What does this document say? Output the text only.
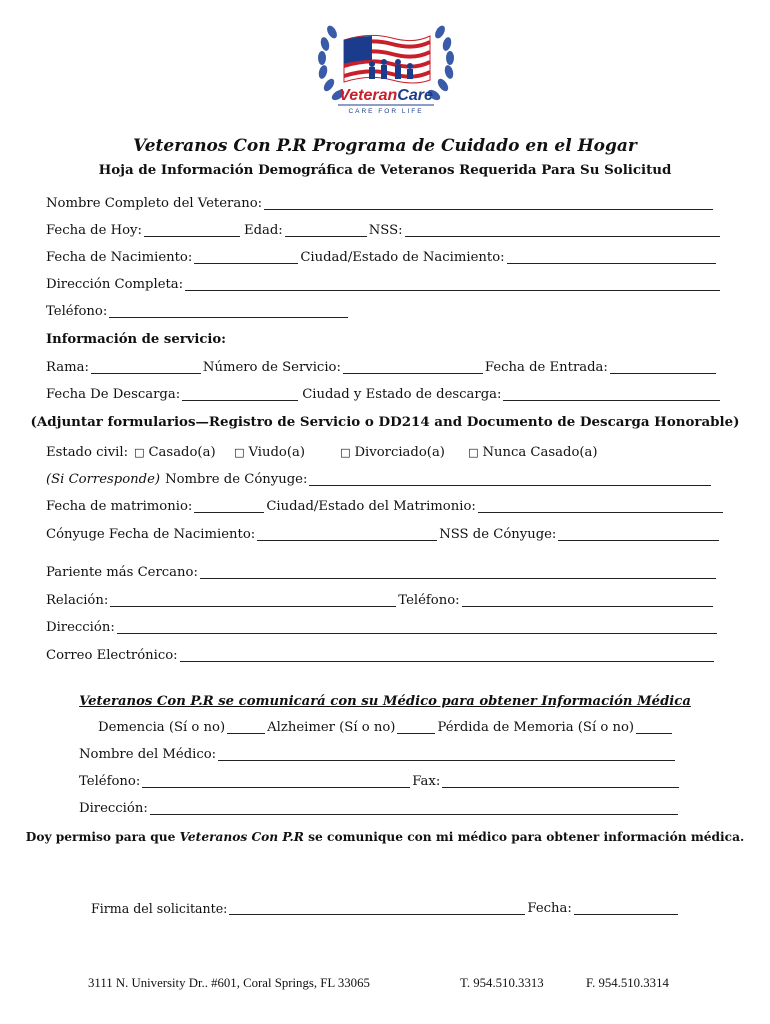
VeteranCare
CARE FOR LIFE
Veteranos Con P.R Programa de Cuidado en el Hogar
Hoja de Información Demográfica de Veteranos Requerida Para Su Solicitud
Nombre Completo del Veterano:
Fecha de Hoy:	Edad:	NSS:
Fecha de Nacimiento:	Ciudad/Estado de Nacimiento:
Dirección Completa:
Teléfono:
Información de servicio:
Rama:	Número de Servicio:	Fecha de Entrada:
Fecha De Descarga:	Ciudad y Estado de descarga:
(Adjuntar formularios—Registro de Servicio o DD214 and Documento de Descarga Honorable)
Estado civil: □ Casado(a)	□ Viudo(a)	□ Divorciado(a)	□ Nunca Casado(a)
(Si Corresponde) Nombre de Cónyuge:
Fecha de matrimonio:	Ciudad/Estado del Matrimonio:
Cónyuge Fecha de Nacimiento:	NSS de Cónyuge:
Pariente más Cercano:
Relación:	Teléfono:
Dirección:
Correo Electrónico:
Veteranos Con P.R se comunicará con su Médico para obtener Información Médica
Demencia (Sí o no)	Alzheimer (Sí o no)	Pérdida de Memoria (Sí o no)
Nombre del Médico:
Teléfono:	Fax:
Dirección:
Doy permiso para que Veteranos Con P.R se comunique con mi médico para obtener información médica.
Firma del solicitante:	Fecha:
3111 N. University Dr.. #601, Coral Springs, FL 33065	T. 954.510.3313	F. 954.510.3314
